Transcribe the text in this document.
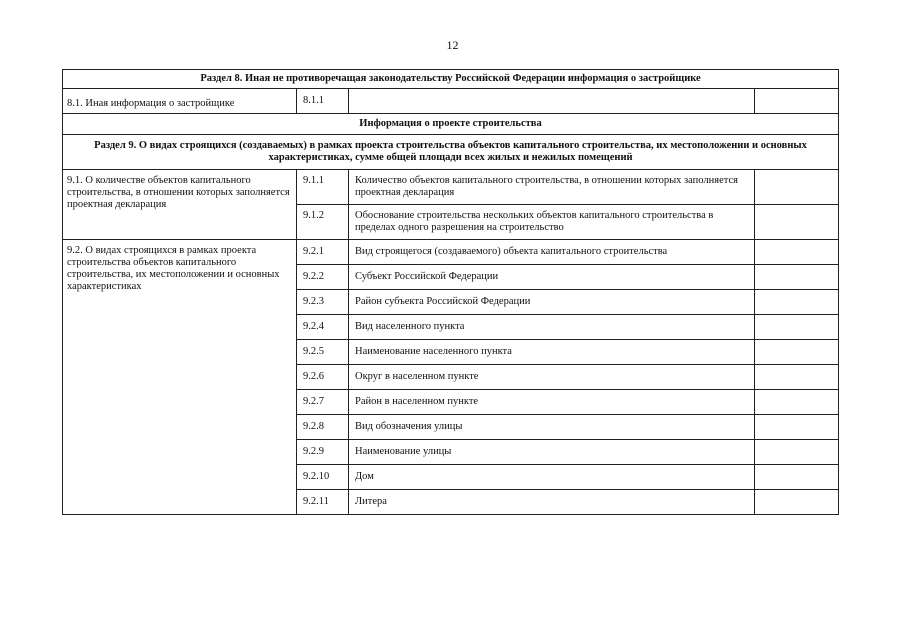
12
Раздел 8. Иная не противоречащая законодательству Российской Федерации информация о застройщике			
8.1. Иная информация о застройщике	8.1.1		
Информация о проекте строительства			
Раздел 9. О видах строящихся (создаваемых) в рамках проекта строительства объектов капитального строительства, их местоположении и основных характеристиках, сумме общей площади всех жилых и нежилых помещений			
9.1. О количестве объектов капитального строительства, в отношении которых заполняется проектная декларация	9.1.1	Количество объектов капитального строительства, в отношении которых заполняется проектная декларация	
	9.1.2	Обоснование строительства нескольких объектов капитального строительства в пределах одного разрешения на строительство	
9.2. О видах строящихся в рамках проекта строительства объектов капитального строительства, их местоположении и основных характеристиках	9.2.1	Вид строящегося (создаваемого) объекта капитального строительства	
	9.2.2	Субъект Российской Федерации	
	9.2.3	Район субъекта Российской Федерации	
	9.2.4	Вид населенного пункта	
	9.2.5	Наименование населенного пункта	
	9.2.6	Округ в населенном пункте	
	9.2.7	Район в населенном пункте	
	9.2.8	Вид обозначения улицы	
	9.2.9	Наименование улицы	
	9.2.10	Дом	
	9.2.11	Литера	
